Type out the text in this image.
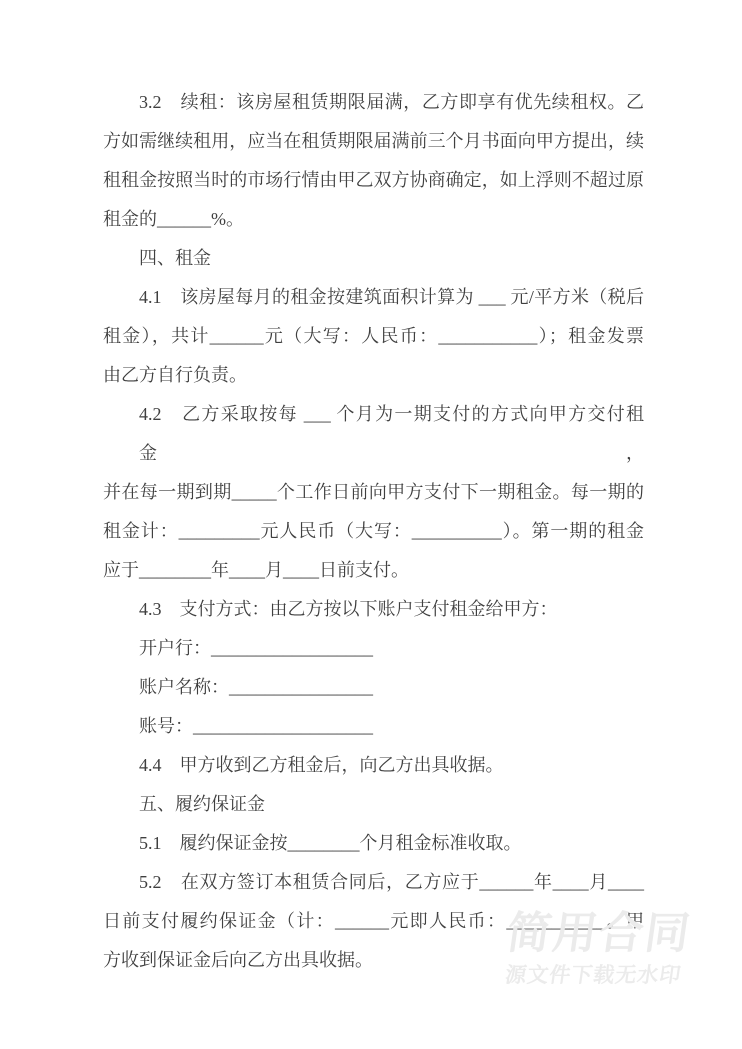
3.2　续租：该房屋租赁期限届满，乙方即享有优先续租权。乙
方如需继续租用，应当在租赁期限届满前三个月书面向甲方提出，续
租租金按照当时的市场行情由甲乙双方协商确定，如上浮则不超过原
租金的______%。
四、租金
4.1　该房屋每月的租金按建筑面积计算为 ___ 元/平方米（税后
租金），共计______元（大写：人民币：___________）；租金发票
由乙方自行负责。
4.2　乙方采取按每 ___ 个月为一期支付的方式向甲方交付租金，
并在每一期到期_____个工作日前向甲方支付下一期租金。每一期的
租金计：_________元人民币（大写：__________）。第一期的租金
应于________年____月____日前支付。
4.3　支付方式：由乙方按以下账户支付租金给甲方：
开户行：__________________
账户名称：________________
账号：____________________
4.4　甲方收到乙方租金后，向乙方出具收据。
五、履约保证金
5.1　履约保证金按________个月租金标准收取。
5.2　在双方签订本租赁合同后，乙方应于______年____月____
日前支付履约保证金（计：______元即人民币：___________。甲
方收到保证金后向乙方出具收据。
简用合同
源文件下载无水印
